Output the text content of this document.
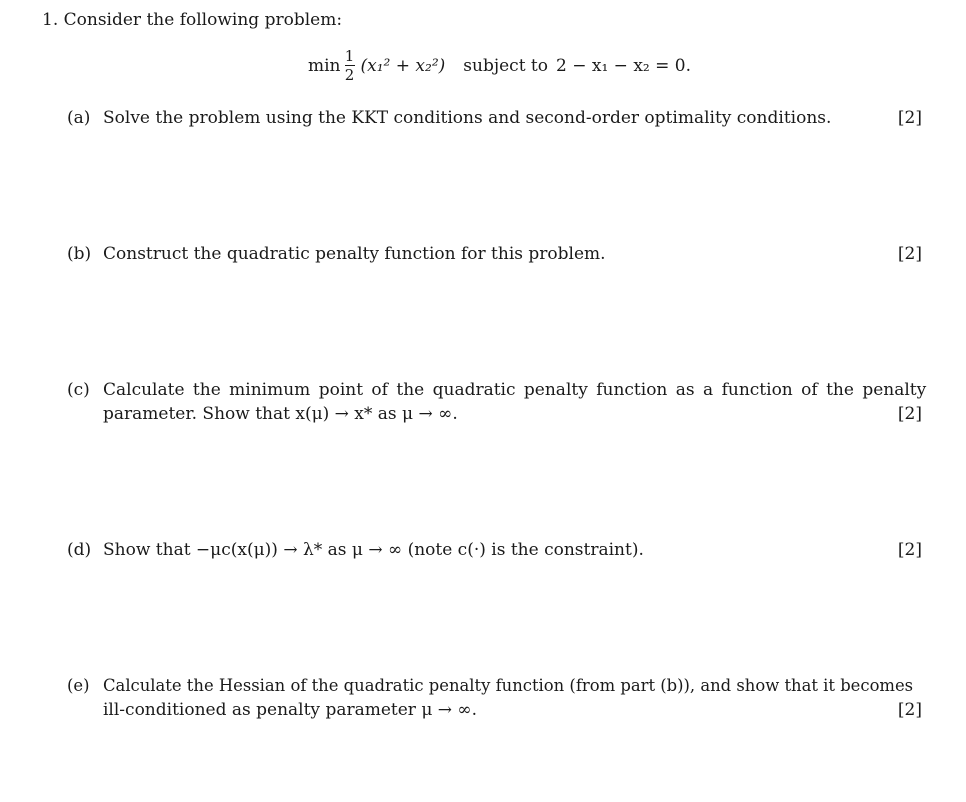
1. Consider the following problem:
$\min \frac{1}{2} (x_1^2 + x_2^2)$ subject to 2 − x₁ − x₂ = 0.
(a) Solve the problem using the KKT conditions and second-order optimality conditions.	[2]
(b) Construct the quadratic penalty function for this problem.	[2]
(c) Calculate the minimum point of the quadratic penalty function as a function of the penalty
parameter. Show that x(μ) → x* as μ → ∞.	[2]
(d) Show that −μc(x(μ)) → λ* as μ → ∞ (note c(·) is the constraint).	[2]
(e) Calculate the Hessian of the quadratic penalty function (from part (b)), and show that it becomes
ill-conditioned as penalty parameter μ → ∞.	[2]
